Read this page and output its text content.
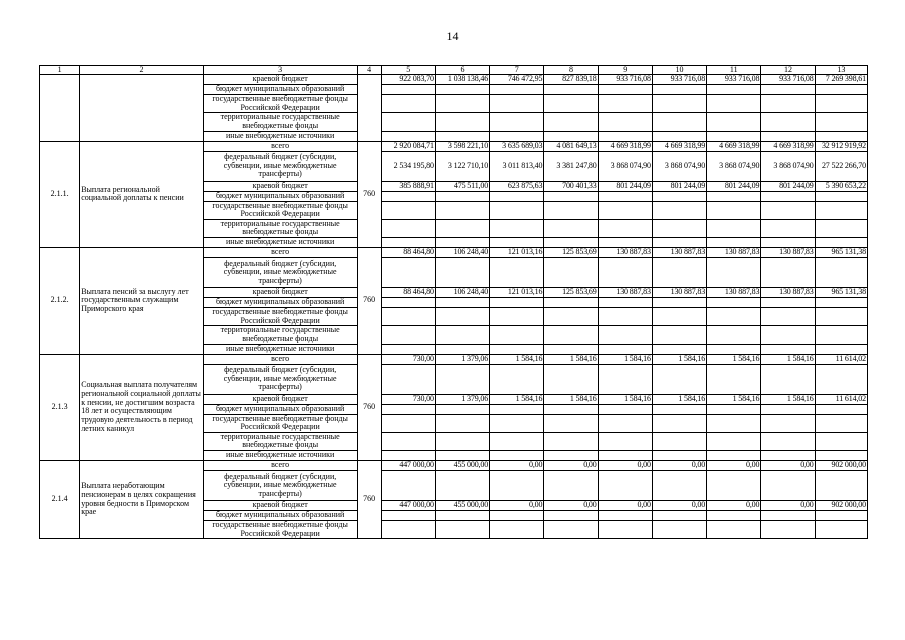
14
1	2	3	4	5	6	7	8	9	10	11	12	13
		краевой бюджет		922 083,70	1 038 138,46	746 472,95	827 839,18	933 716,08	933 716,08	933 716,08	933 716,08	7 269 398,61
		бюджет муниципальных образований										
		государственные внебюджетные фонды Российской Федерации										
		территориальные государственные внебюджетные фонды										
		иные внебюджетные источники										
2.1.1.	Выплата региональной социальной доплаты к пенсии	всего	760	2 920 084,71	3 598 221,10	3 635 689,03	4 081 649,13	4 669 318,99	4 669 318,99	4 669 318,99	4 669 318,99	32 912 919,92
		федеральный бюджет (субсидии, субвенции, иные межбюджетные трансферты)		2 534 195,80	3 122 710,10	3 011 813,40	3 381 247,80	3 868 074,90	3 868 074,90	3 868 074,90	3 868 074,90	27 522 266,70
		краевой бюджет		385 888,91	475 511,00	623 875,63	700 401,33	801 244,09	801 244,09	801 244,09	801 244,09	5 390 653,22
		бюджет муниципальных образований										
		государственные внебюджетные фонды Российской Федерации										
		территориальные государственные внебюджетные фонды										
		иные внебюджетные источники										
2.1.2.	Выплата пенсий за выслугу лет государственным служащим Приморского края	всего	760	88 464,80	106 248,40	121 013,16	125 853,69	130 887,83	130 887,83	130 887,83	130 887,83	965 131,38
		федеральный бюджет (субсидии, субвенции, иные межбюджетные трансферты)										
		краевой бюджет		88 464,80	106 248,40	121 013,16	125 853,69	130 887,83	130 887,83	130 887,83	130 887,83	965 131,38
		бюджет муниципальных образований										
		государственные внебюджетные фонды Российской Федерации										
		территориальные государственные внебюджетные фонды										
		иные внебюджетные источники										
2.1.3	Социальная выплата получателям региональной социальной доплаты к пенсии, не достигшим возраста 18 лет и осуществляющим трудовую деятельность в период летних каникул	всего	760	730,00	1 379,06	1 584,16	1 584,16	1 584,16	1 584,16	1 584,16	1 584,16	11 614,02
		федеральный бюджет (субсидии, субвенции, иные межбюджетные трансферты)										
		краевой бюджет		730,00	1 379,06	1 584,16	1 584,16	1 584,16	1 584,16	1 584,16	1 584,16	11 614,02
		бюджет муниципальных образований										
		государственные внебюджетные фонды Российской Федерации										
		территориальные государственные внебюджетные фонды										
		иные внебюджетные источники										
2.1.4	Выплата неработающим пенсионерам в целях сокращения уровня бедности в Приморском крае	всего	760	447 000,00	455 000,00	0,00	0,00	0,00	0,00	0,00	0,00	902 000,00
		федеральный бюджет (субсидии, субвенции, иные межбюджетные трансферты)										
		краевой бюджет		447 000,00	455 000,00	0,00	0,00	0,00	0,00	0,00	0,00	902 000,00
		бюджет муниципальных образований										
		государственные внебюджетные фонды Российской Федерации										
